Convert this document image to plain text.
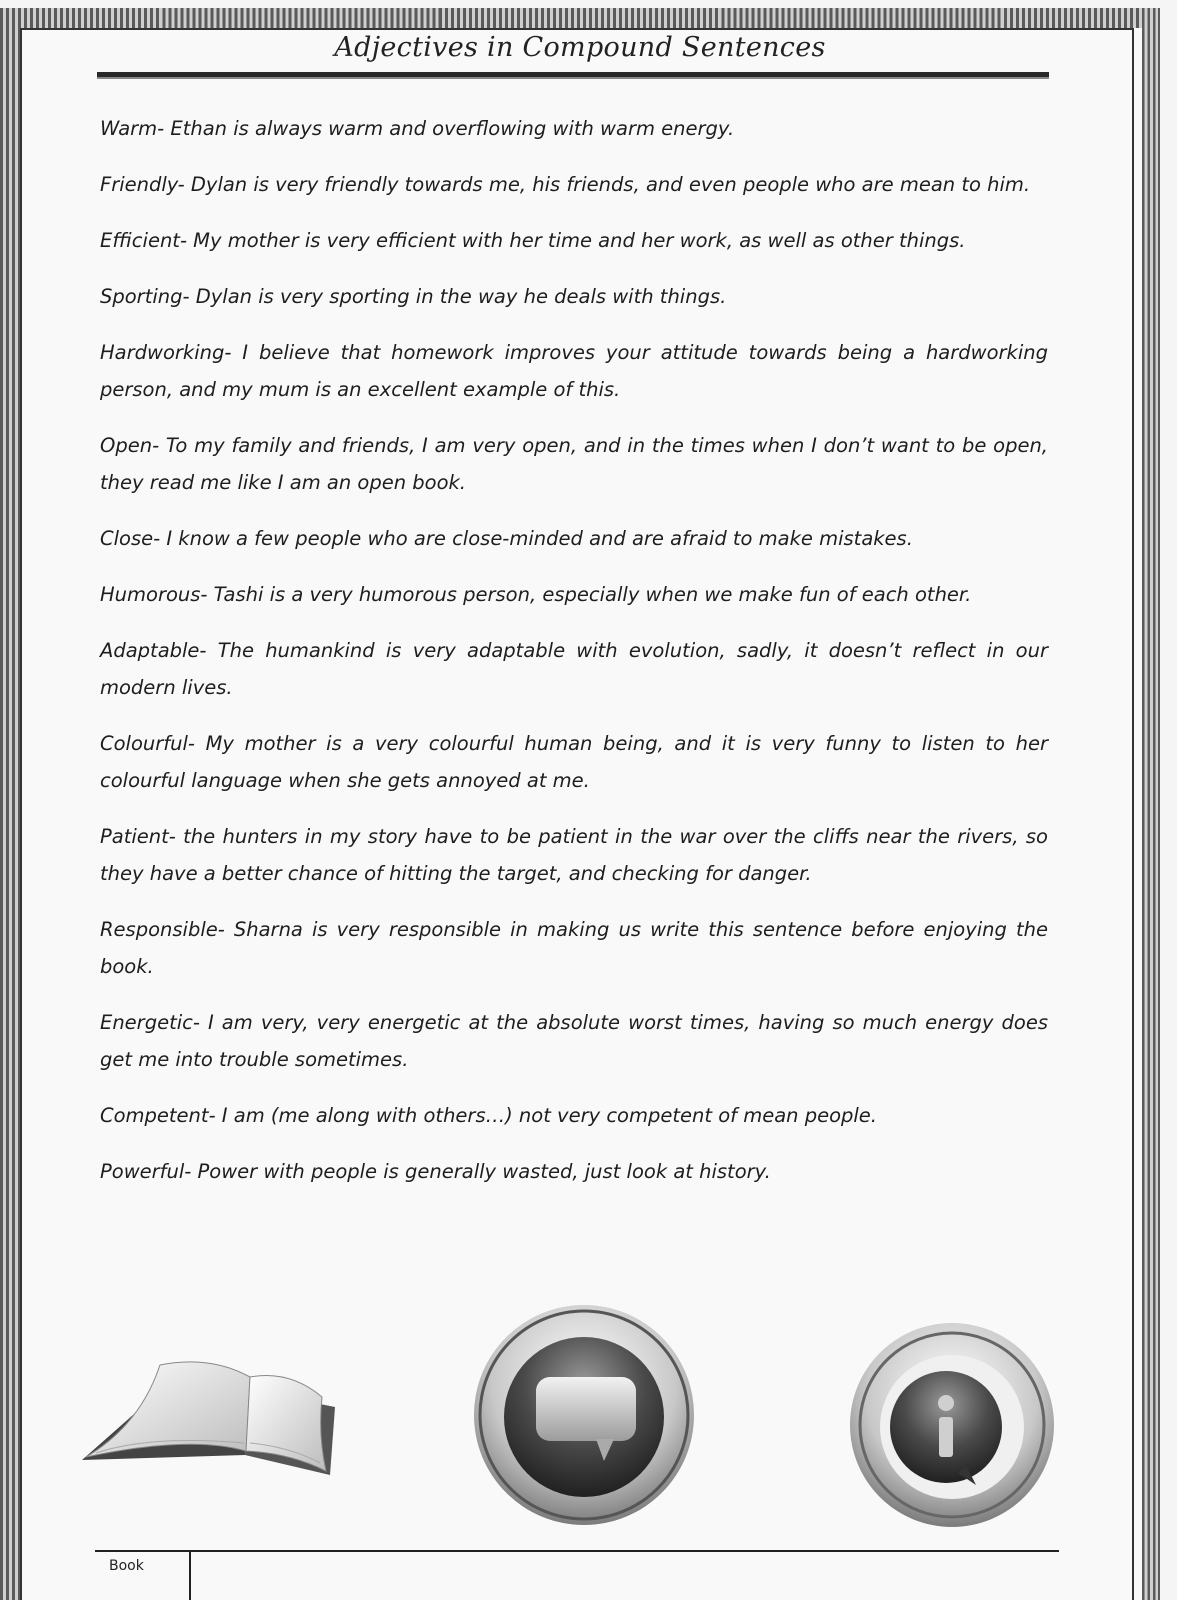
Adjectives in Compound Sentences
Warm- Ethan is always warm and overflowing with warm energy.
Friendly- Dylan is very friendly towards me, his friends, and even people who are mean to him.
Efficient- My mother is very efficient with her time and her work, as well as other things.
Sporting- Dylan is very sporting in the way he deals with things.
Hardworking- I believe that homework improves your attitude towards being a hardworking person, and my mum is an excellent example of this.
Open- To my family and friends, I am very open, and in the times when I don’t want to be open, they read me like I am an open book.
Close- I know a few people who are close-minded and are afraid to make mistakes.
Humorous- Tashi is a very humorous person, especially when we make fun of each other.
Adaptable- The humankind is very adaptable with evolution, sadly, it doesn’t reflect in our modern lives.
Colourful- My mother is a very colourful human being, and it is very funny to listen to her colourful language when she gets annoyed at me.
Patient- the hunters in my story have to be patient in the war over the cliffs near the rivers, so they have a better chance of hitting the target, and checking for danger.
Responsible- Sharna is very responsible in making us write this sentence before enjoying the book.
Energetic- I am very, very energetic at the absolute worst times, having so much energy does get me into trouble sometimes.
Competent- I am (me along with others…) not very competent of mean people.
Powerful- Power with people is generally wasted, just look at history.
Book
